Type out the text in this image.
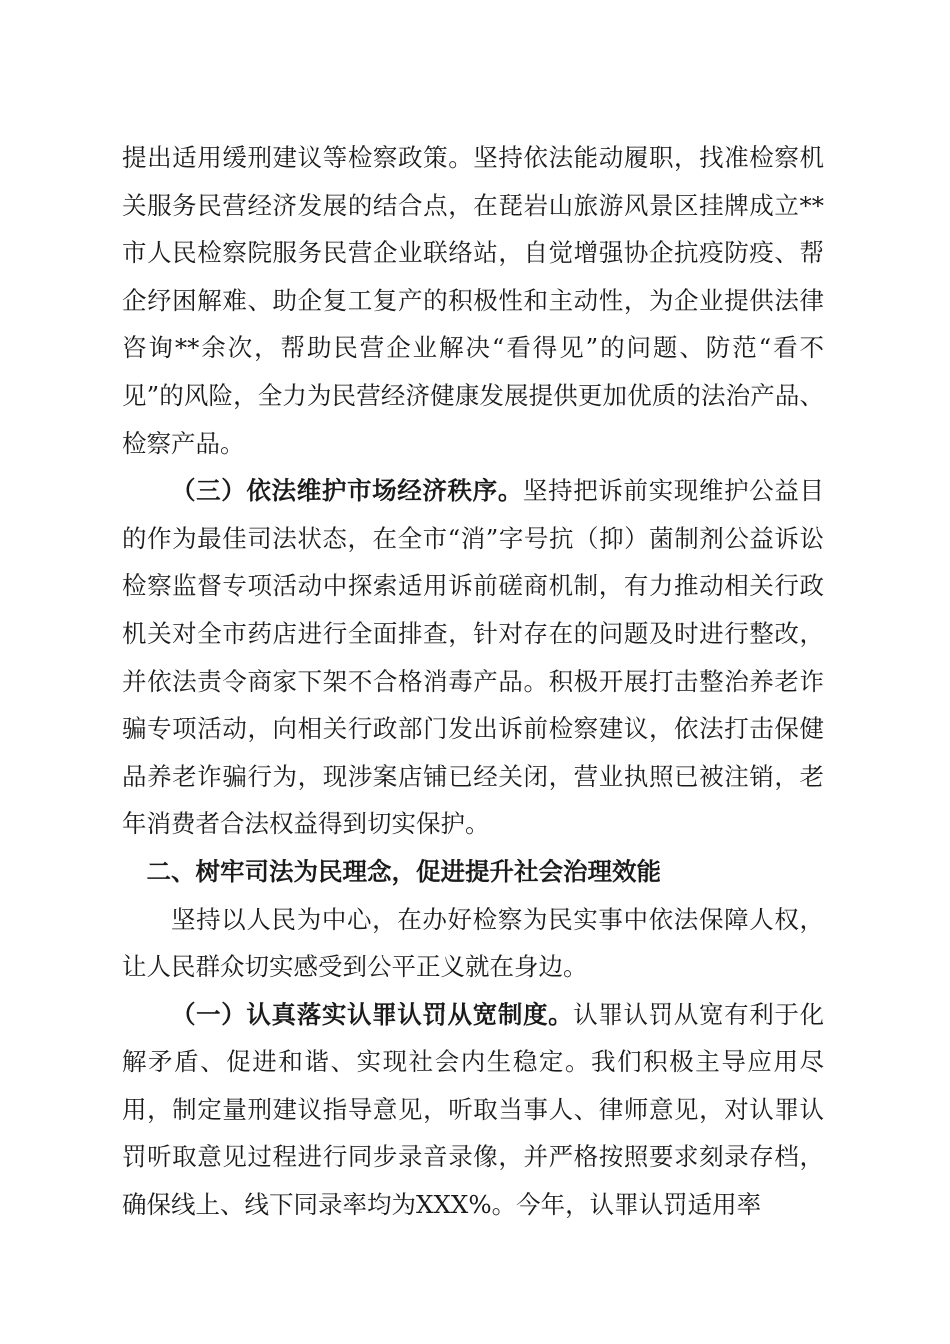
提出适用缓刑建议等检察政策。坚持依法能动履职，找准检察机关服务民营经济发展的结合点，在琵岩山旅游风景区挂牌成立**市人民检察院服务民营企业联络站，自觉增强协企抗疫防疫、帮企纾困解难、助企复工复产的积极性和主动性，为企业提供法律咨询**余次，帮助民营企业解决“看得见”的问题、防范“看不见”的风险，全力为民营经济健康发展提供更加优质的法治产品、检察产品。

（三）依法维护市场经济秩序。坚持把诉前实现维护公益目的作为最佳司法状态，在全市“消”字号抗（抑）菌制剂公益诉讼检察监督专项活动中探索适用诉前磋商机制，有力推动相关行政机关对全市药店进行全面排查，针对存在的问题及时进行整改，并依法责令商家下架不合格消毒产品。积极开展打击整治养老诈骗专项活动，向相关行政部门发出诉前检察建议，依法打击保健品养老诈骗行为，现涉案店铺已经关闭，营业执照已被注销，老年消费者合法权益得到切实保护。

二、树牢司法为民理念，促进提升社会治理效能

坚持以人民为中心，在办好检察为民实事中依法保障人权，让人民群众切实感受到公平正义就在身边。

（一）认真落实认罪认罚从宽制度。认罪认罚从宽有利于化解矛盾、促进和谐、实现社会内生稳定。我们积极主导应用尽用，制定量刑建议指导意见，听取当事人、律师意见，对认罪认罚听取意见过程进行同步录音录像，并严格按照要求刻录存档，确保线上、线下同录率均为XXX%。今年，认罪认罚适用率
